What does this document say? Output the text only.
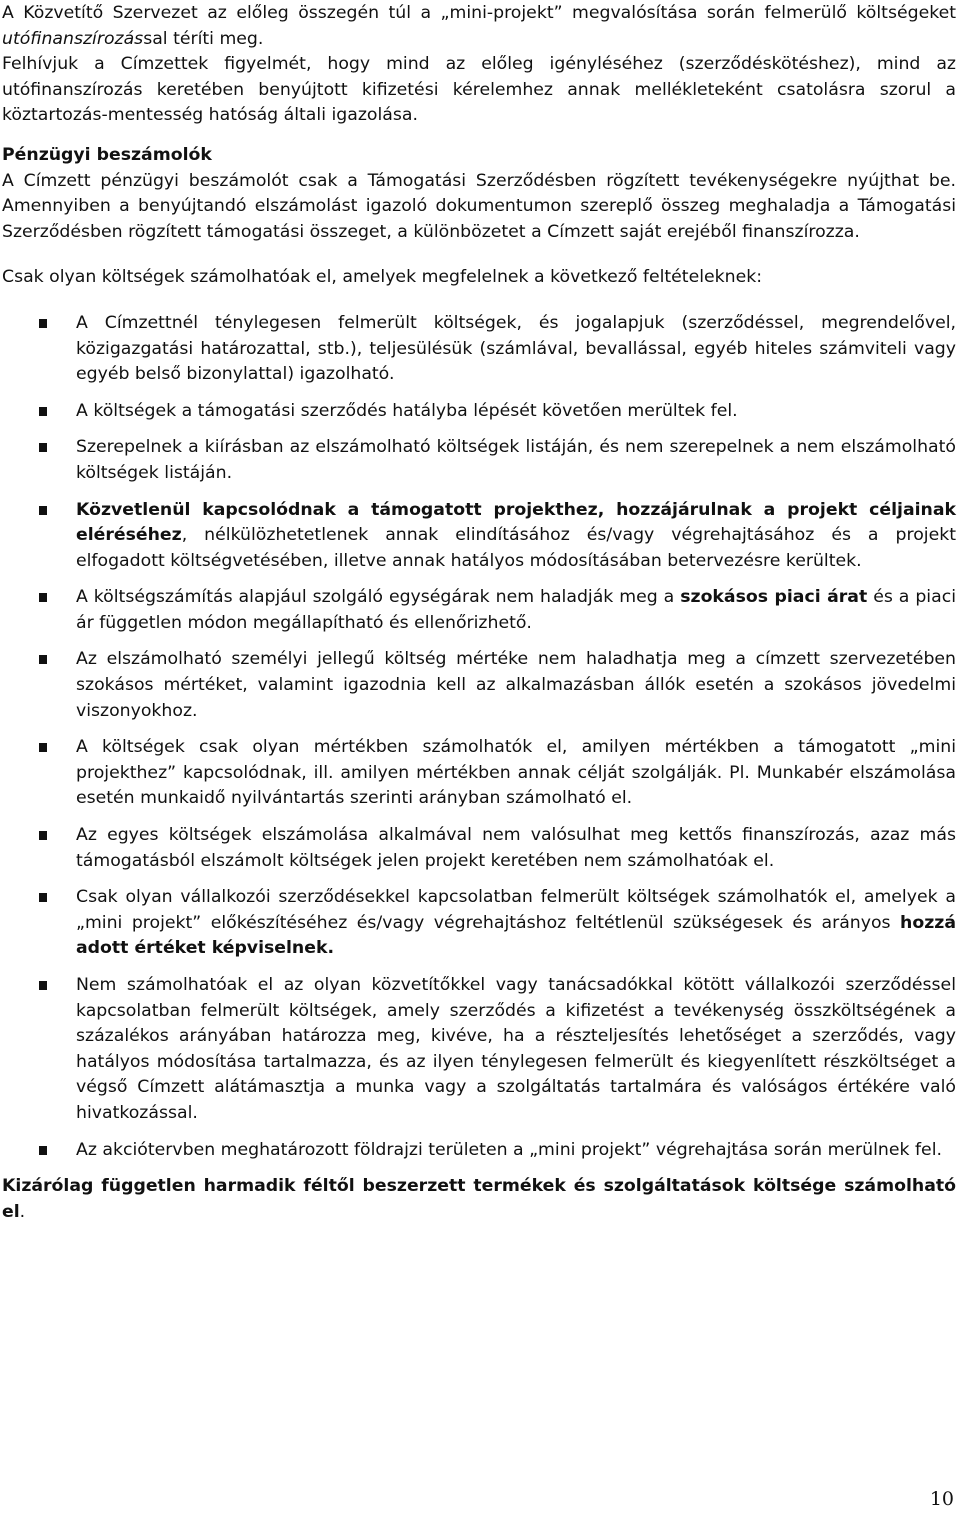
A Közvetítő Szervezet az előleg összegén túl a „mini-projekt” megvalósítása során felmerülő költségeket utófinanszírozással téríti meg.

Felhívjuk a Címzettek figyelmét, hogy mind az előleg igényléséhez (szerződéskötéshez), mind az utófinanszírozás keretében benyújtott kifizetési kérelemhez annak mellékleteként csatolásra szorul a köztartozás-mentesség hatóság általi igazolása.

Pénzügyi beszámolók

A Címzett pénzügyi beszámolót csak a Támogatási Szerződésben rögzített tevékenységekre nyújthat be. Amennyiben a benyújtandó elszámolást igazoló dokumentumon szereplő összeg meghaladja a Támogatási Szerződésben rögzített támogatási összeget, a különbözetet a Címzett saját erejéből finanszírozza.

Csak olyan költségek számolhatóak el, amelyek megfelelnek a következő feltételeknek:

A Címzettnél ténylegesen felmerült költségek, és jogalapjuk (szerződéssel, megrendelővel, közigazgatási határozattal, stb.), teljesülésük (számlával, bevallással, egyéb hiteles számviteli vagy egyéb belső bizonylattal) igazolható.
A költségek a támogatási szerződés hatályba lépését követően merültek fel.
Szerepelnek a kiírásban az elszámolható költségek listáján, és nem szerepelnek a nem elszámolható költségek listáján.
Közvetlenül kapcsolódnak a támogatott projekthez, hozzájárulnak a projekt céljainak eléréséhez, nélkülözhetetlenek annak elindításához és/vagy végrehajtásához és a projekt elfogadott költségvetésében, illetve annak hatályos módosításában betervezésre kerültek.
A költségszámítás alapjául szolgáló egységárak nem haladják meg a szokásos piaci árat és a piaci ár független módon megállapítható és ellenőrizhető.
Az elszámolható személyi jellegű költség mértéke nem haladhatja meg a címzett szervezetében szokásos mértéket, valamint igazodnia kell az alkalmazásban állók esetén a szokásos jövedelmi viszonyokhoz.
A költségek csak olyan mértékben számolhatók el, amilyen mértékben a támogatott „mini projekthez” kapcsolódnak, ill. amilyen mértékben annak célját szolgálják. Pl. Munkabér elszámolása esetén munkaidő nyilvántartás szerinti arányban számolható el.
Az egyes költségek elszámolása alkalmával nem valósulhat meg kettős finanszírozás, azaz más támogatásból elszámolt költségek jelen projekt keretében nem számolhatóak el.
Csak olyan vállalkozói szerződésekkel kapcsolatban felmerült költségek számolhatók el, amelyek a „mini projekt” előkészítéséhez és/vagy végrehajtáshoz feltétlenül szükségesek és arányos hozzá adott értéket képviselnek.
Nem számolhatóak el az olyan közvetítőkkel vagy tanácsadókkal kötött vállalkozói szerződéssel kapcsolatban felmerült költségek, amely szerződés a kifizetést a tevékenység összköltségének a százalékos arányában határozza meg, kivéve, ha a részteljesítés lehetőséget a szerződés, vagy hatályos módosítása tartalmazza, és az ilyen ténylegesen felmerült és kiegyenlített részköltséget a végső Címzett alátámasztja a munka vagy a szolgáltatás tartalmára és valóságos értékére való hivatkozással.
Az akciótervben meghatározott földrajzi területen a „mini projekt” végrehajtása során merülnek fel.

Kizárólag független harmadik féltől beszerzett termékek és szolgáltatások költsége számolható el.

10
